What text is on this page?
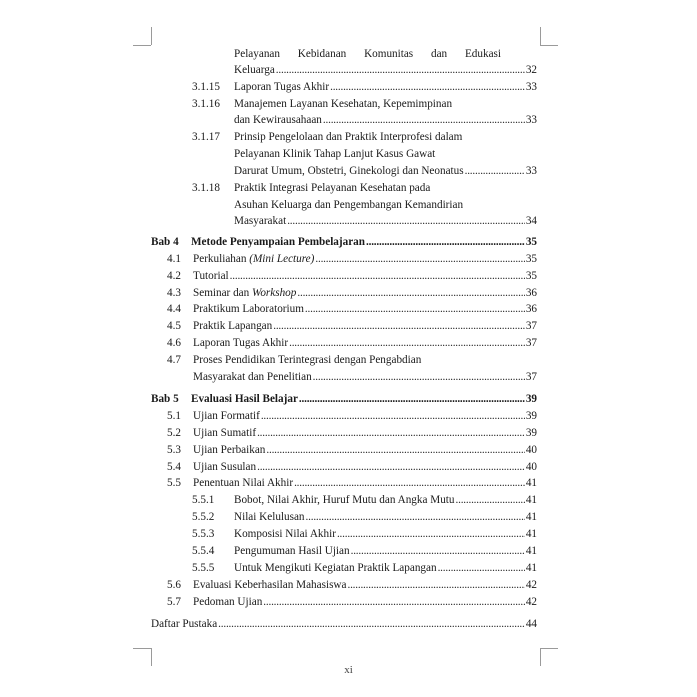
Pelayanan Kebidanan Komunitas dan Edukasi
Keluarga .....	32
3.1.15 Laporan Tugas Akhir .....	33
3.1.16 Manajemen Layanan Kesehatan, Kepemimpinan
dan Kewirausahaan .....	33
3.1.17 Prinsip Pengelolaan dan Praktik Interprofesi dalam
Pelayanan Klinik Tahap Lanjut Kasus Gawat
Darurat Umum, Obstetri, Ginekologi dan Neonatus .....	33
3.1.18 Praktik Integrasi Pelayanan Kesehatan pada
Asuhan Keluarga dan Pengembangan Kemandirian
Masyarakat .....	34
Bab 4 Metode Penyampaian Pembelajaran .....	35
4.1 Perkuliahan (Mini Lecture) .....	35
4.2 Tutorial .....	35
4.3 Seminar dan Workshop .....	36
4.4 Praktikum Laboratorium .....	36
4.5 Praktik Lapangan .....	37
4.6 Laporan Tugas Akhir .....	37
4.7 Proses Pendidikan Terintegrasi dengan Pengabdian
Masyarakat dan Penelitian .....	37
Bab 5 Evaluasi Hasil Belajar .....	39
5.1 Ujian Formatif .....	39
5.2 Ujian Sumatif .....	39
5.3 Ujian Perbaikan .....	40
5.4 Ujian Susulan .....	40
5.5 Penentuan Nilai Akhir .....	41
5.5.1 Bobot, Nilai Akhir, Huruf Mutu dan Angka Mutu .....	41
5.5.2 Nilai Kelulusan .....	41
5.5.3 Komposisi Nilai Akhir .....	41
5.5.4 Pengumuman Hasil Ujian .....	41
5.5.5 Untuk Mengikuti Kegiatan Praktik Lapangan .....	41
5.6 Evaluasi Keberhasilan Mahasiswa .....	42
5.7 Pedoman Ujian .....	42
Daftar Pustaka .....	44
xi
